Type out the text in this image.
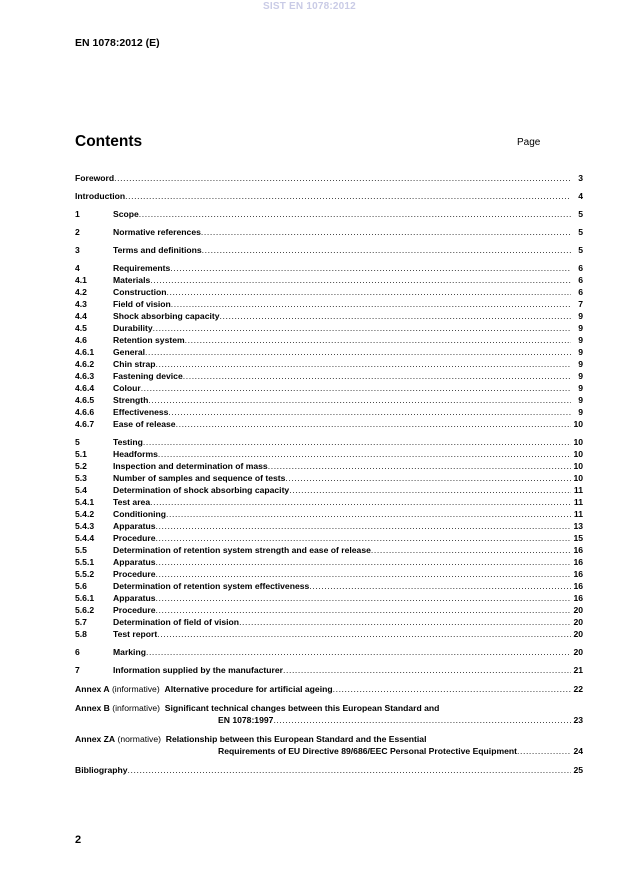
SIST EN 1078:2012
EN 1078:2012 (E)
Contents	Page
Foreword .....	3
Introduction .....	4
1	Scope .....	5
2	Normative references .....	5
3	Terms and definitions .....	5
4	Requirements .....	6
4.1	Materials .....	6
4.2	Construction .....	6
4.3	Field of vision .....	7
4.4	Shock absorbing capacity .....	9
4.5	Durability .....	9
4.6	Retention system .....	9
4.6.1	General .....	9
4.6.2	Chin strap .....	9
4.6.3	Fastening device .....	9
4.6.4	Colour .....	9
4.6.5	Strength .....	9
4.6.6	Effectiveness .....	9
4.6.7	Ease of release .....	10
5	Testing .....	10
5.1	Headforms .....	10
5.2	Inspection and determination of mass .....	10
5.3	Number of samples and sequence of tests .....	10
5.4	Determination of shock absorbing capacity .....	11
5.4.1	Test area .....	11
5.4.2	Conditioning .....	11
5.4.3	Apparatus .....	13
5.4.4	Procedure .....	15
5.5	Determination of retention system strength and ease of release .....	16
5.5.1	Apparatus .....	16
5.5.2	Procedure .....	16
5.6	Determination of retention system effectiveness .....	16
5.6.1	Apparatus .....	16
5.6.2	Procedure .....	20
5.7	Determination of field of vision .....	20
5.8	Test report .....	20
6	Marking .....	20
7	Information supplied by the manufacturer .....	21
Annex A
(informative)
Alternative procedure for artificial ageing .....	22
Annex B
(informative)
Significant technical changes between this European Standard and
EN 1078:1997 .....	23
Annex ZA
(normative)
Relationship between this European Standard and the Essential
Requirements of EU Directive 89/686/EEC Personal Protective Equipment .....	24
Bibliography .....	25
2
